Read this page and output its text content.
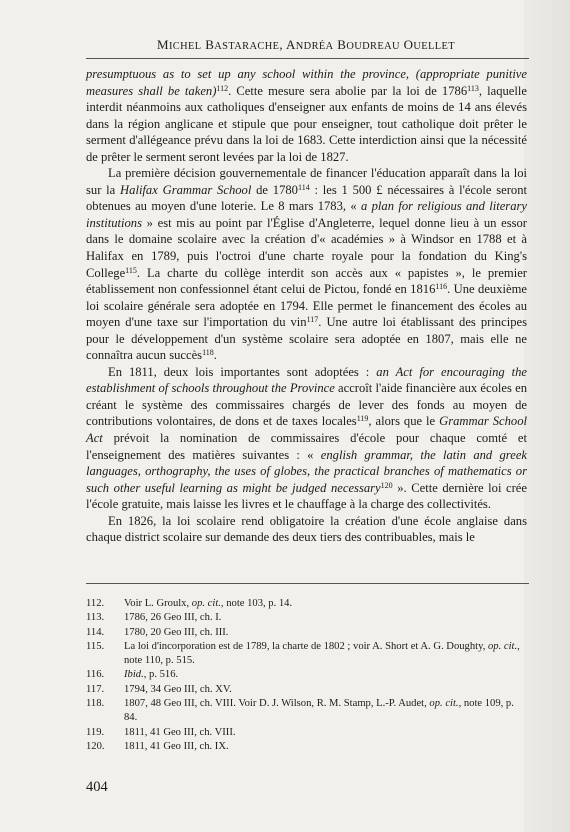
MICHEL BASTARACHE, ANDRÉA BOUDREAU OUELLET

presumptuous as to set up any school within the province, (appropriate punitive measures shall be taken)$^{112}$. Cette mesure sera abolie par la loi de 1786$^{113}$, laquelle interdit néanmoins aux catholiques d'enseigner aux enfants de moins de 14 ans élevés dans la région anglicane et stipule que pour enseigner, tout catholique doit prêter le serment d'allégeance prévu dans la loi de 1683. Cette interdiction ainsi que la nécessité de prêter le serment seront levées par la loi de 1827.

La première décision gouvernementale de financer l'éducation apparaît dans la loi sur la Halifax Grammar School de 1780$^{114}$ : les 1 500 £ nécessaires à l'école seront obtenues au moyen d'une loterie. Le 8 mars 1783, « a plan for religious and literary institutions » est mis au point par l'Église d'Angleterre, lequel donne lieu à un essor dans le domaine scolaire avec la création d'« académies » à Windsor en 1788 et à Halifax en 1789, puis l'octroi d'une charte royale pour la fondation du King's College$^{115}$. La charte du collège interdit son accès aux « papistes », le premier établissement non confessionnel étant celui de Pictou, fondé en 1816$^{116}$. Une deuxième loi scolaire générale sera adoptée en 1794. Elle permet le financement des écoles au moyen d'une taxe sur l'importation du vin$^{117}$. Une autre loi établissant des principes pour le développement d'un système scolaire sera adoptée en 1807, mais elle ne connaîtra aucun succès$^{118}$.

En 1811, deux lois importantes sont adoptées : an Act for encouraging the establishment of schools throughout the Province accroît l'aide financière aux écoles en créant le système des commissaires chargés de lever des fonds au moyen de contributions volontaires, de dons et de taxes locales$^{119}$, alors que le Grammar School Act prévoit la nomination de commissaires d'école pour chaque comté et l'enseignement des matières suivantes : « english grammar, the latin and greek languages, orthography, the uses of globes, the practical branches of mathematics or such other useful learning as might be judged necessary$^{120}$ ». Cette dernière loi crée l'école gratuite, mais laisse les livres et le chauffage à la charge des collectivités.

En 1826, la loi scolaire rend obligatoire la création d'une école anglaise dans chaque district scolaire sur demande des deux tiers des contribuables, mais le

112.	Voir L. Groulx, op. cit., note 103, p. 14.
113.	1786, 26 Geo III, ch. I.
114.	1780, 20 Geo III, ch. III.
115.	La loi d'incorporation est de 1789, la charte de 1802 ; voir A. Short et A. G. Doughty, op. cit., note 110, p. 515.
116.	Ibid., p. 516.
117.	1794, 34 Geo III, ch. XV.
118.	1807, 48 Geo III, ch. VIII. Voir D. J. Wilson, R. M. Stamp, L.-P. Audet, op. cit., note 109, p. 84.
119.	1811, 41 Geo III, ch. VIII.
120.	1811, 41 Geo III, ch. IX.
404
